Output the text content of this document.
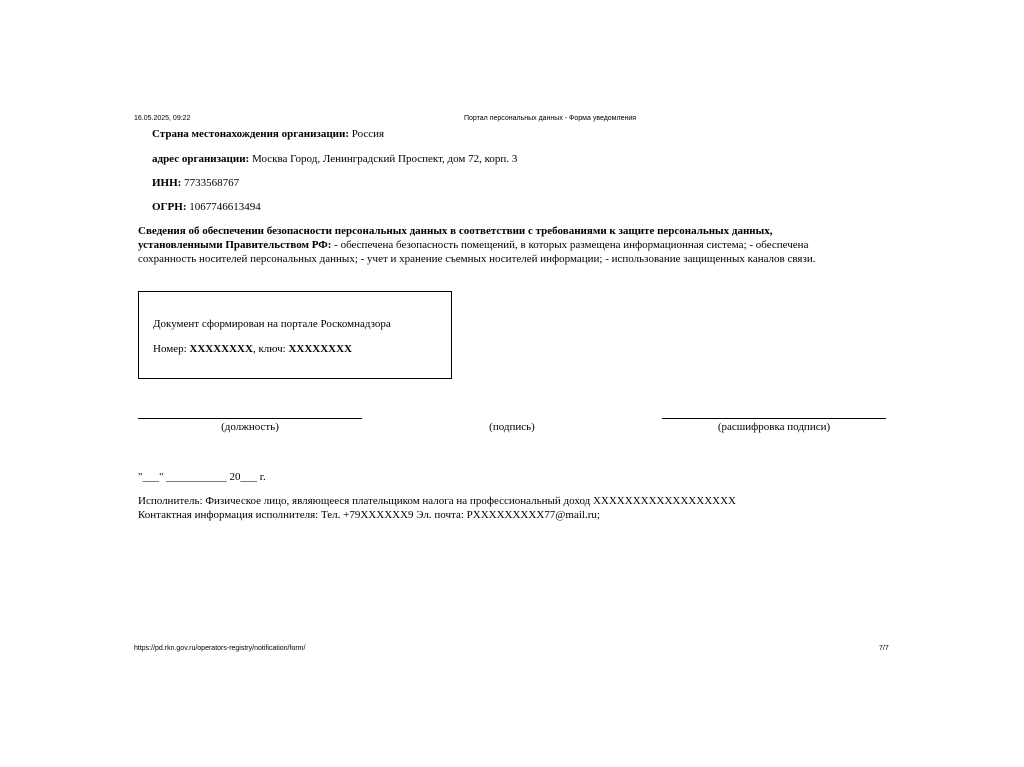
16.05.2025, 09:22	Портал персональных данных - Форма уведомления
Страна местонахождения организации: Россия
адрес организации: Москва Город, Ленинградский Проспект, дом 72, корп. 3
ИНН: 7733568767
ОГРН: 1067746613494
Сведения об обеспечении безопасности персональных данных в соответствии с требованиями к защите персональных данных, установленными Правительством РФ: - обеспечена безопасность помещений, в которых размещена информационная система; - обеспечена сохранность носителей персональных данных; - учет и хранение съемных носителей информации; - использование защищенных каналов связи.
Документ сформирован на портале Роскомнадзора
Номер: XXXXXXXX, ключ: XXXXXXXX
(должность)	(подпись)	(расшифровка подписи)
"___" ___________ 20___ г.
Исполнитель: Физическое лицо, являющееся плательщиком налога на профессиональный доход XXXXXXXXXXXXXXXXXX
Контактная информация исполнителя: Тел. +79XXXXXX9 Эл. почта: PXXXXXXXXX77@mail.ru;
https://pd.rkn.gov.ru/operators-registry/notification/form/	7/7
